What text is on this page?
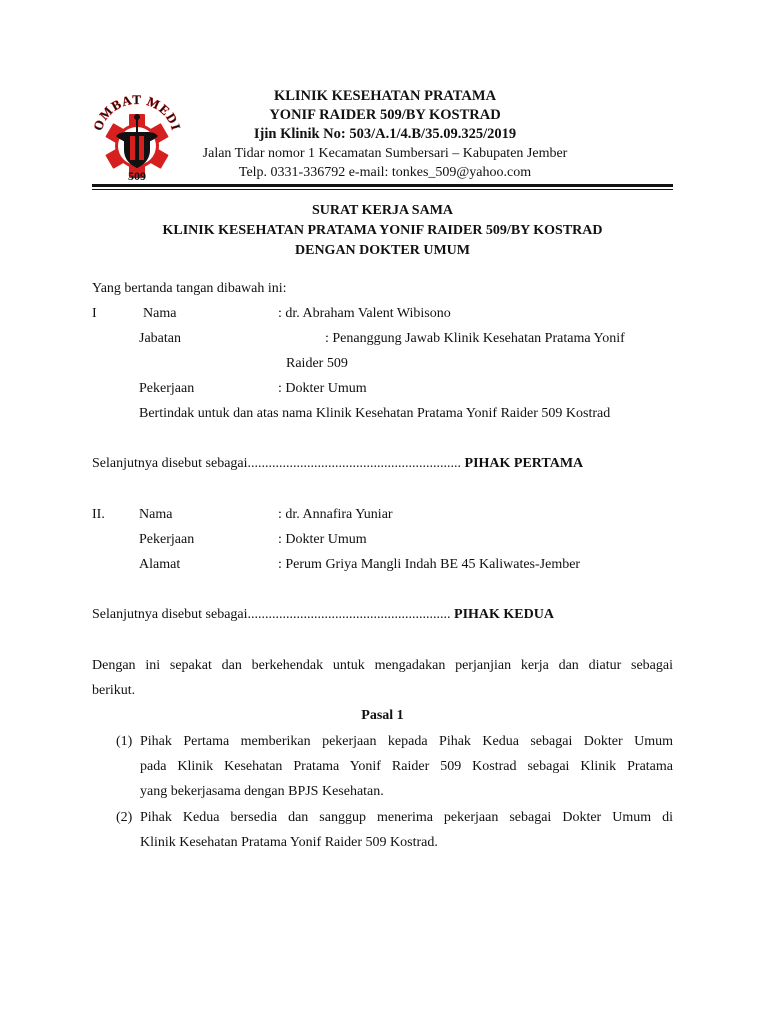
MBAT MED
509
KLINIK KESEHATAN PRATAMA
YONIF RAIDER 509/BY KOSTRAD
Ijin Klinik No: 503/A.1/4.B/35.09.325/2019
Jalan Tidar nomor 1 Kecamatan Sumbersari – Kabupaten Jember
Telp. 0331-336792 e-mail: tonkes_509@yahoo.com
SURAT KERJA SAMA
KLINIK KESEHATAN PRATAMA YONIF RAIDER 509/BY KOSTRAD
DENGAN DOKTER UMUM
Yang bertanda tangan dibawah ini:
I	Nama	: dr. Abraham Valent Wibisono
Jabatan	: Penanggung Jawab Klinik Kesehatan Pratama Yonif
Raider 509
Pekerjaan	: Dokter Umum
Bertindak untuk dan atas nama Klinik Kesehatan Pratama Yonif Raider 509 Kostrad
Selanjutnya disebut sebagai............................................................. PIHAK PERTAMA
II. Nama	: dr. Annafira Yuniar
Pekerjaan	: Dokter Umum
Alamat	: Perum Griya Mangli Indah BE 45 Kaliwates-Jember
Selanjutnya disebut sebagai.......................................................... PIHAK KEDUA
Dengan ini sepakat dan berkehendak untuk mengadakan perjanjian kerja dan diatur sebagai
berikut.
Pasal 1
(1) Pihak Pertama memberikan pekerjaan kepada Pihak Kedua sebagai Dokter Umum
pada Klinik Kesehatan Pratama Yonif Raider 509 Kostrad sebagai Klinik Pratama
yang bekerjasama dengan BPJS Kesehatan.
(2) Pihak Kedua bersedia dan sanggup menerima pekerjaan sebagai Dokter Umum di
Klinik Kesehatan Pratama Yonif Raider 509 Kostrad.
